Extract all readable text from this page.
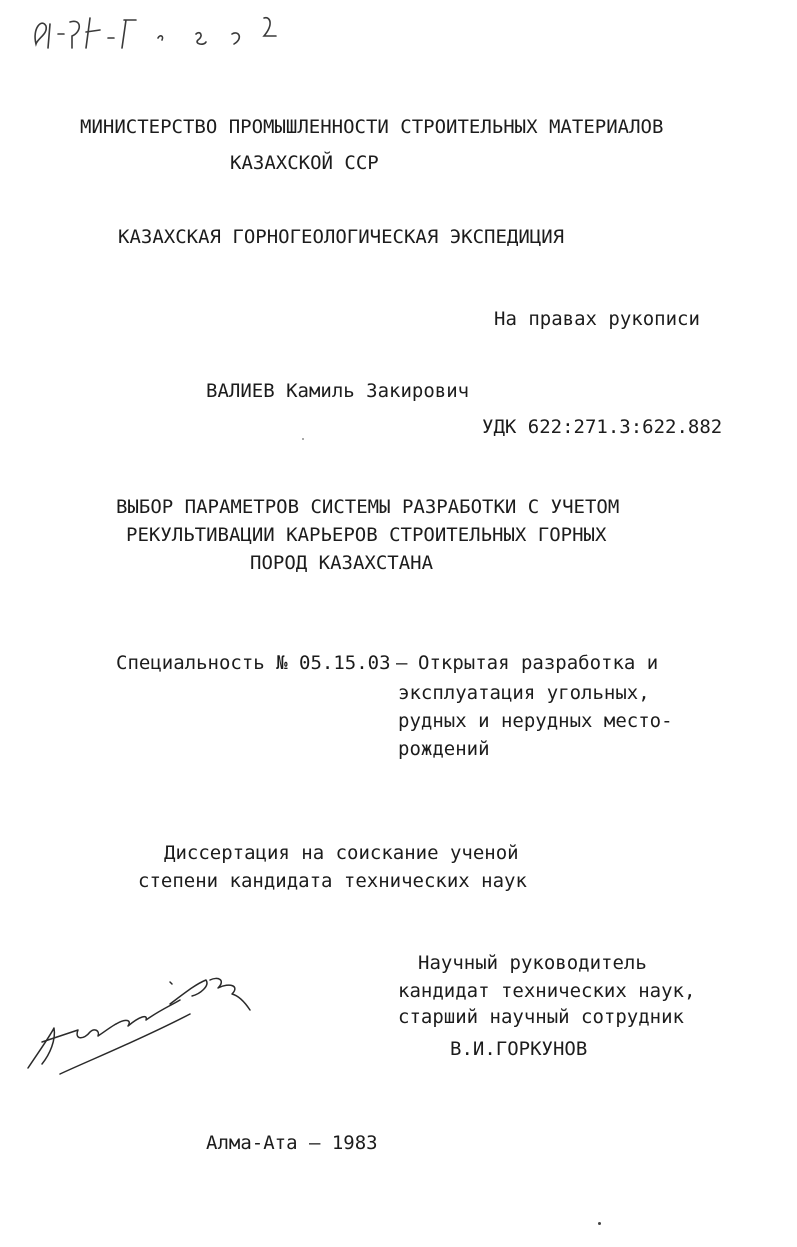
МИНИСТЕРСТВО ПРОМЫШЛЕННОСТИ СТРОИТЕЛЬНЫХ МАТЕРИАЛОВ
КАЗАХСКОЙ ССР
КАЗАХСКАЯ ГОРНОГЕОЛОГИЧЕСКАЯ ЭКСПЕДИЦИЯ
На правах рукописи
ВАЛИЕВ Камиль Закирович
УДК 622:271.3:622.882
ВЫБОР ПАРАМЕТРОВ СИСТЕМЫ РАЗРАБОТКИ С УЧЕТОМ
РЕКУЛЬТИВАЦИИ КАРЬЕРОВ СТРОИТЕЛЬНЫХ ГОРНЫХ
ПОРОД КАЗАХСТАНА
Специальность № 05.15.03 – Открытая разработка и
эксплуатация угольных,
рудных и нерудных место-
рождений
Диссертация на соискание ученой
степени кандидата технических наук
Научный руководитель
кандидат технических наук,
старший научный сотрудник
В.И.ГОРКУНОВ
Алма-Ата – 1983
